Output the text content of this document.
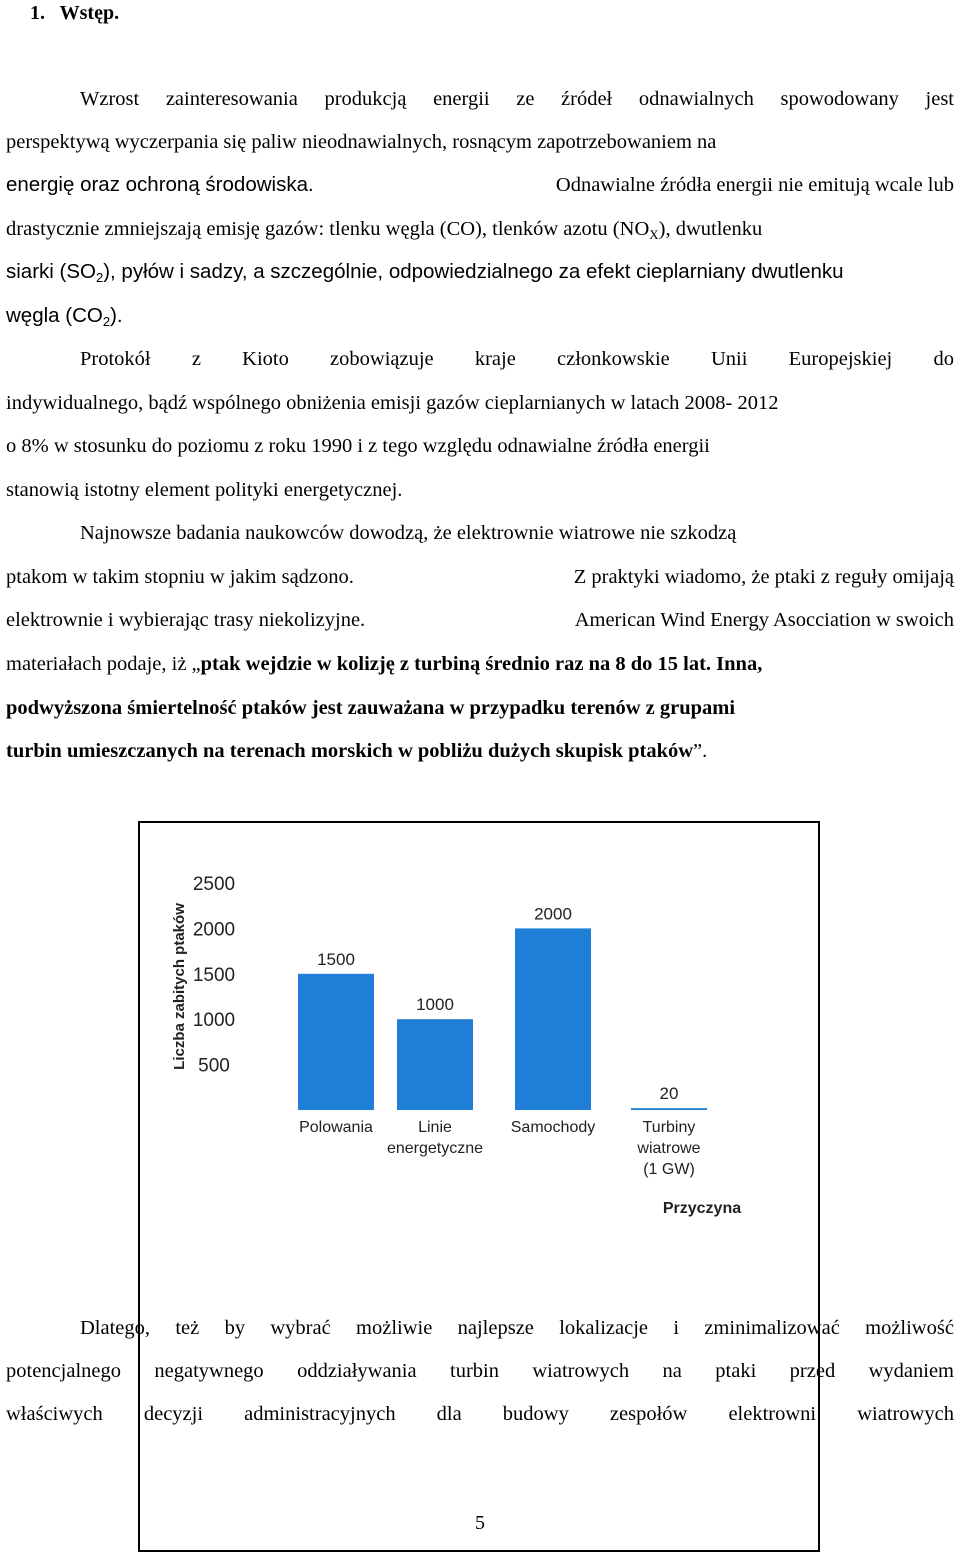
1.   Wstęp.
Wzrost zainteresowania produkcją energii ze źródeł odnawialnych spowodowany jest
perspektywą wyczerpania się paliw nieodnawialnych, rosnącym zapotrzebowaniem na
energię oraz ochroną środowiska.	Odnawialne źródła energii nie emitują wcale lub
drastycznie zmniejszają emisję gazów: tlenku węgla (CO), tlenków azotu $(NO_X)$, dwutlenku
siarki $(SO_2)$, pyłów i sadzy, a szczególnie, odpowiedzialnego za efekt cieplarniany dwutlenku
węgla $(CO_2)$.
Protokół z Kioto zobowiązuje kraje członkowskie Unii Europejskiej do
indywidualnego, bądź wspólnego obniżenia emisji gazów cieplarnianych w latach 2008- 2012
o 8% w stosunku do poziomu z roku 1990 i z tego względu odnawialne źródła energii
stanowią istotny element polityki energetycznej.
Najnowsze badania naukowców dowodzą, że elektrownie wiatrowe nie szkodzą
ptakom w takim stopniu w jakim sądzono.	Z praktyki wiadomo, że ptaki z reguły omijają
elektrownie i wybierając trasy niekolizyjne.	American Wind Energy Asocciation w swoich
materiałach podaje, iż „ptak wejdzie w kolizję z turbiną średnio raz na 8 do 15 lat. Inna,
podwyższona śmiertelność ptaków jest zauważana w przypadku terenów z grupami
turbin umieszczanych na terenach morskich w pobliżu dużych skupisk ptaków”.
500
1000
1500
2000
2500
Liczba zabitych ptaków	1500
Polowania
1000
Linie
energetyczne
2000
Samochody
20
Turbiny
wiatrowe
(1 GW)
Przyczyna
Dlatego, też by wybrać możliwie najlepsze lokalizacje i zminimalizować możliwość
potencjalnego negatywnego oddziaływania turbin wiatrowych na ptaki przed wydaniem
właściwych decyzji administracyjnych dla budowy zespołów elektrowni wiatrowych
5
